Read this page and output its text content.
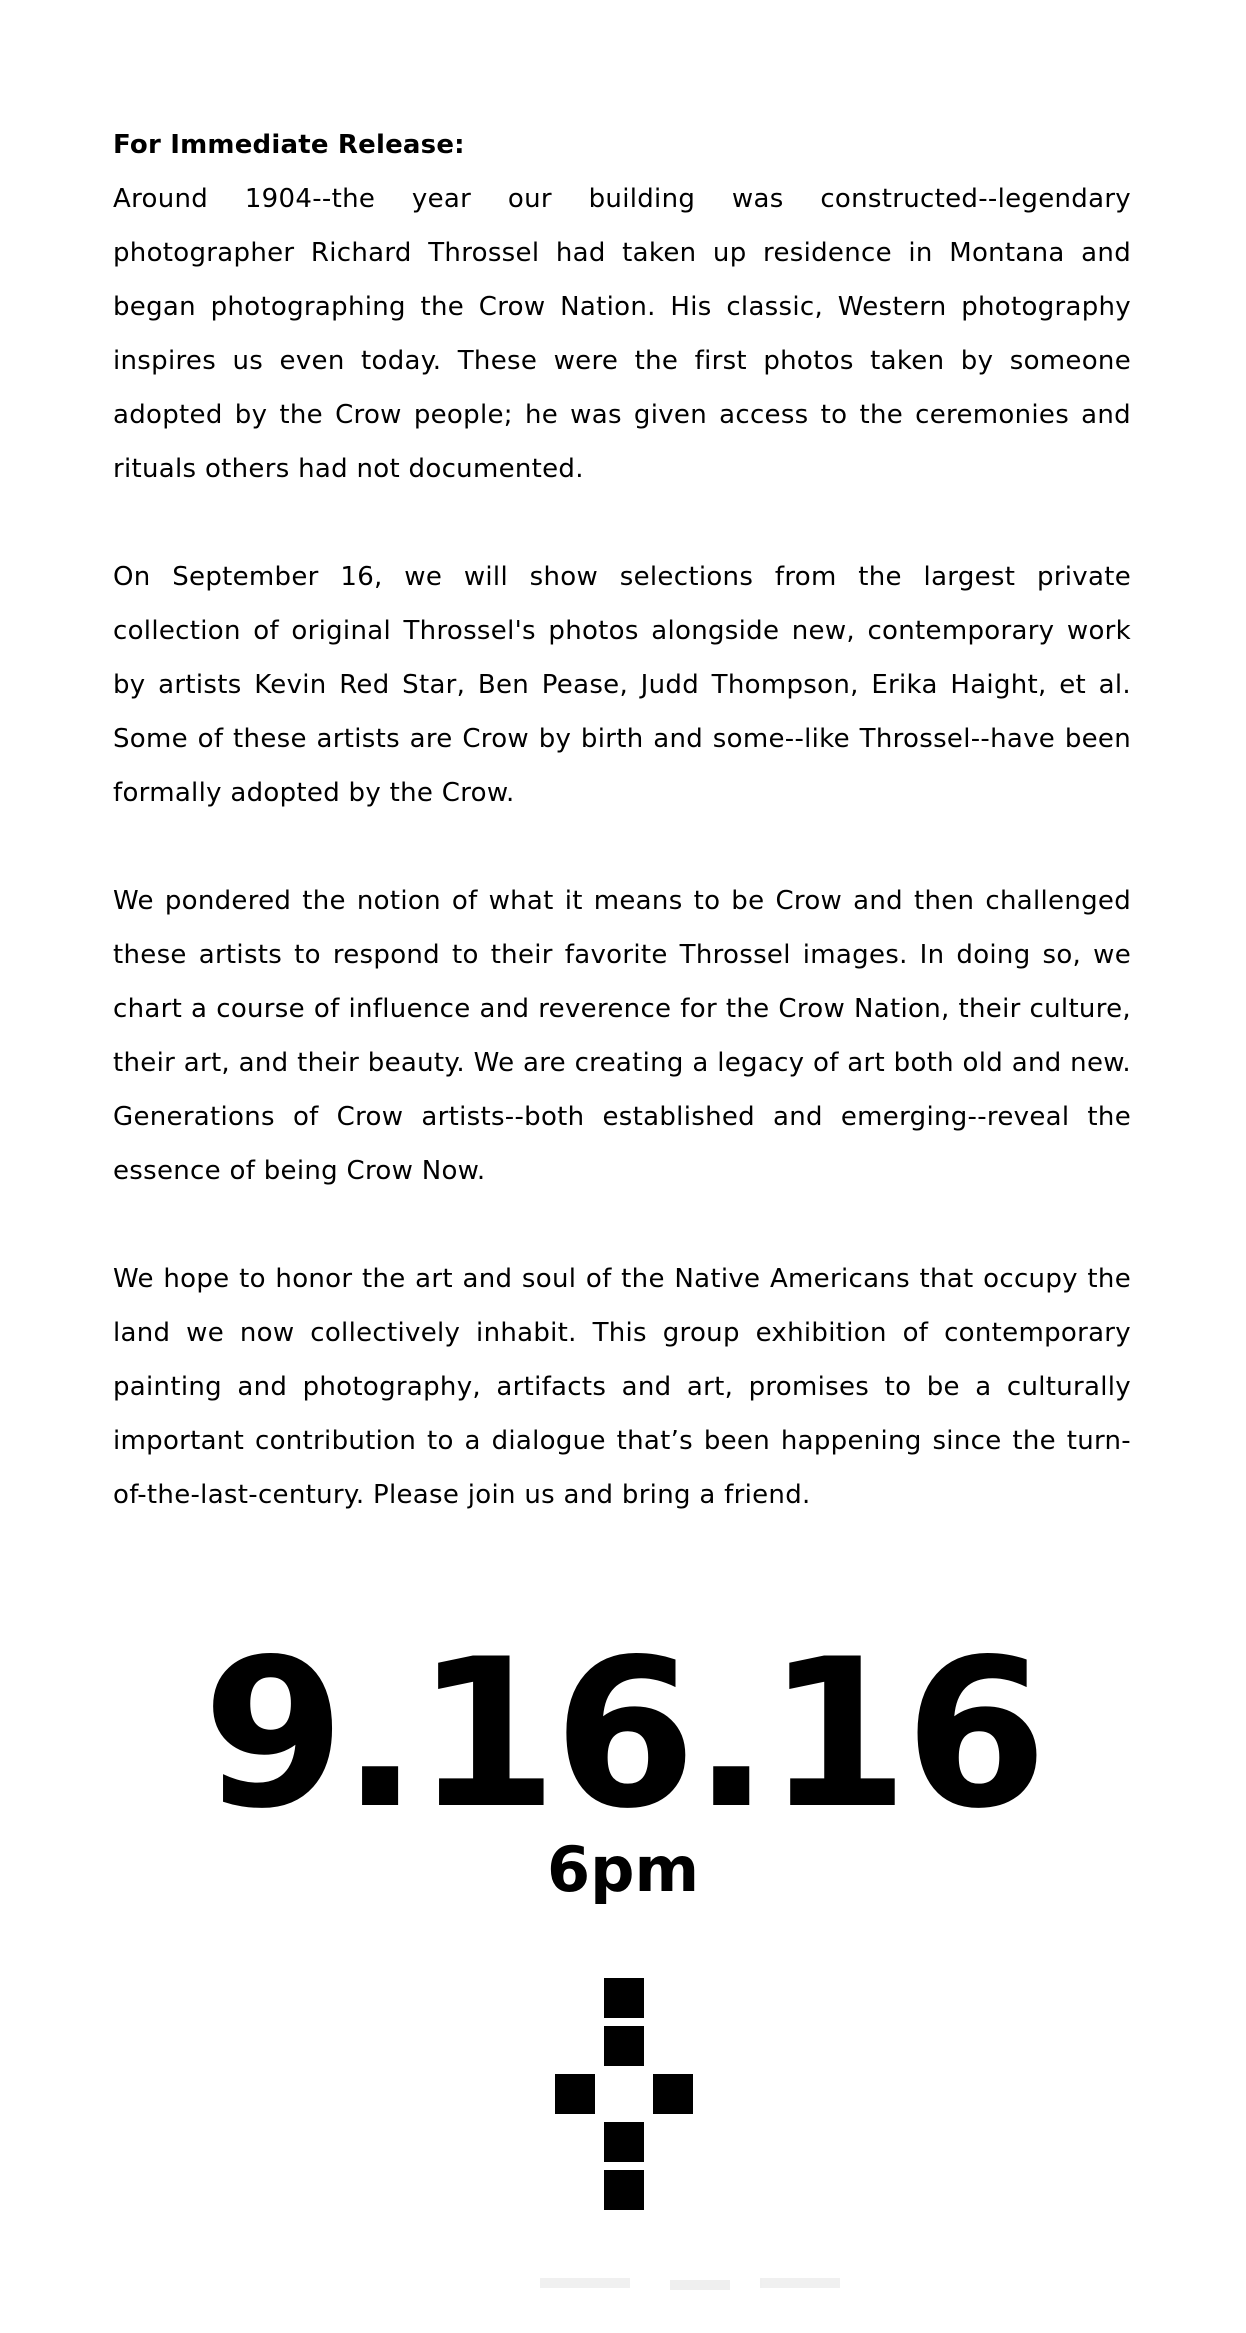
For Immediate Release:

Around 1904--the year our building was constructed--legendary photographer Richard Throssel had taken up residence in Montana and began photographing the Crow Nation. His classic, Western photography inspires us even today. These were the first photos taken by someone adopted by the Crow people; he was given access to the ceremonies and rituals others had not documented.

On September 16, we will show selections from the largest private collection of original Throssel's photos alongside new, contemporary work by artists Kevin Red Star, Ben Pease, Judd Thompson, Erika Haight, et al. Some of these artists are Crow by birth and some--like Throssel--have been formally adopted by the Crow.

We pondered the notion of what it means to be Crow and then challenged these artists to respond to their favorite Throssel images. In doing so, we chart a course of influence and reverence for the Crow Nation, their culture, their art, and their beauty. We are creating a legacy of art both old and new. Generations of Crow artists--both established and emerging--reveal the essence of being Crow Now.

We hope to honor the art and soul of the Native Americans that occupy the land we now collectively inhabit. This group exhibition of contemporary painting and photography, artifacts and art, promises to be a culturally important contribution to a dialogue that’s been happening since the turn-of-the-last-century. Please join us and bring a friend.

9.16.16
6pm
